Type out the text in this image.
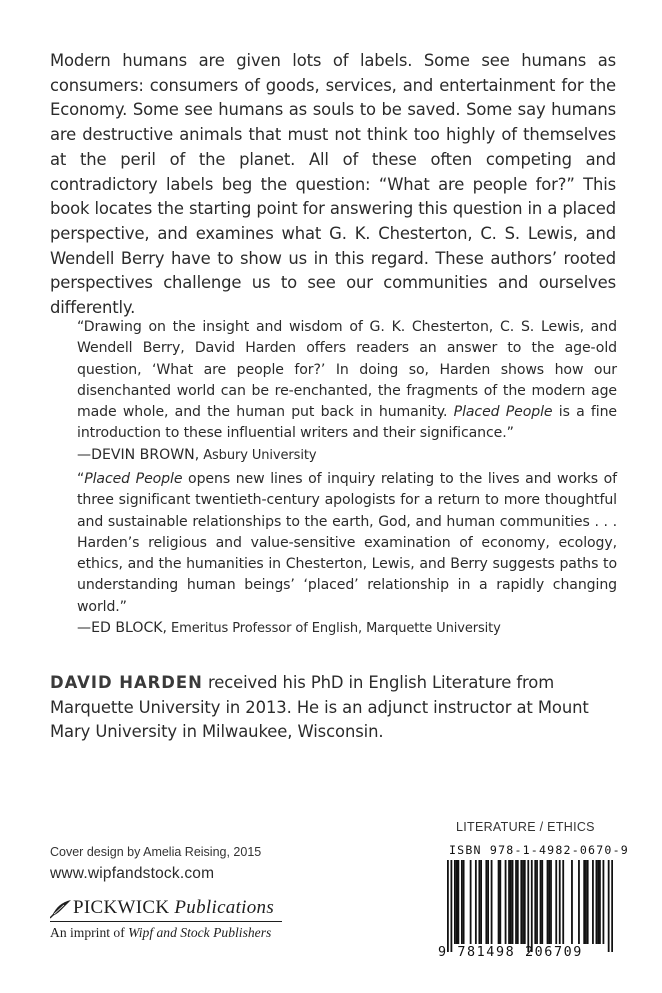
Modern humans are given lots of labels. Some see humans as consumers: consumers of goods, services, and entertainment for the Economy. Some see humans as souls to be saved. Some say humans are destructive animals that must not think too highly of themselves at the peril of the planet. All of these often competing and contradictory labels beg the question: “What are people for?” This book locates the starting point for answering this question in a placed perspective, and examines what G. K. Chesterton, C. S. Lewis, and Wendell Berry have to show us in this regard. These authors’ rooted perspectives challenge us to see our communities and ourselves differently.

“Drawing on the insight and wisdom of G. K. Chesterton, C. S. Lewis, and Wendell Berry, David Harden offers readers an answer to the age-old question, ‘What are people for?’ In doing so, Harden shows how our disenchanted world can be re-enchanted, the fragments of the modern age made whole, and the human put back in humanity. Placed People is a fine introduction to these influential writers and their significance.”
—DEVIN BROWN, Asbury University

“Placed People opens new lines of inquiry relating to the lives and works of three significant twentieth-century apologists for a return to more thoughtful and sustainable relationships to the earth, God, and human communities . . . Harden’s religious and value-sensitive examination of economy, ecology, ethics, and the humanities in Chesterton, Lewis, and Berry suggests paths to understanding human beings’ ‘placed’ relationship in a rapidly changing world.”
—ED BLOCK, Emeritus Professor of English, Marquette University

DAVID HARDEN received his PhD in English Literature from Marquette University in 2013. He is an adjunct instructor at Mount Mary University in Milwaukee, Wisconsin.

Cover design by Amelia Reising, 2015
www.wipfandstock.com
PICKWICK Publications
An imprint of Wipf and Stock Publishers
LITERATURE / ETHICS
ISBN 978-1-4982-0670-9
9 781498 206709
